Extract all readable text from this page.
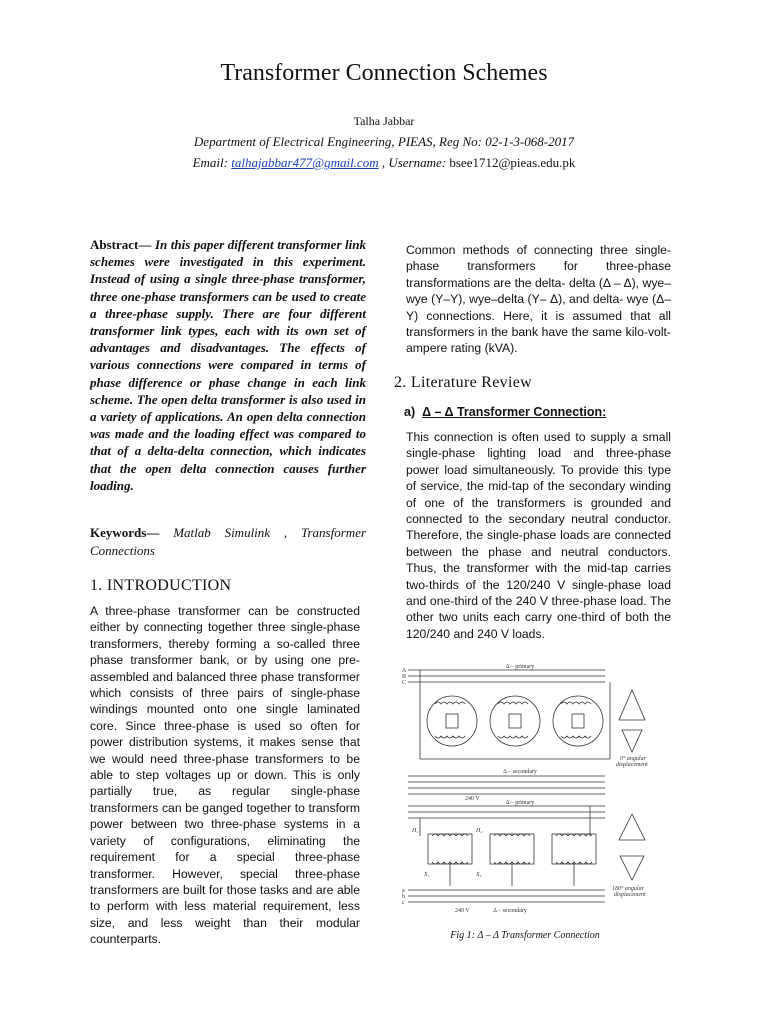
Transformer Connection Schemes
Talha Jabbar
Department of Electrical Engineering, PIEAS, Reg No: 02-1-3-068-2017
Email: talhajabbar477@gmail.com , Username: bsee1712@pieas.edu.pk
Abstract— In this paper different transformer link schemes were investigated in this experiment. Instead of using a single three-phase transformer, three one-phase transformers can be used to create a three-phase supply. There are four different transformer link types, each with its own set of advantages and disadvantages. The effects of various connections were compared in terms of phase difference or phase change in each link scheme. The open delta transformer is also used in a variety of applications. An open delta connection was made and the loading effect was compared to that of a delta-delta connection, which indicates that the open delta connection causes further loading.
Keywords— Matlab Simulink , Transformer Connections
1. INTRODUCTION
A three-phase transformer can be constructed either by connecting together three single-phase transformers, thereby forming a so-called three phase transformer bank, or by using one pre-assembled and balanced three phase transformer which consists of three pairs of single-phase windings mounted onto one single laminated core. Since three-phase is used so often for power distribution systems, it makes sense that we would need three-phase transformers to be able to step voltages up or down. This is only partially true, as regular single-phase transformers can be ganged together to transform power between two three-phase systems in a variety of configurations, eliminating the requirement for a special three-phase transformer. However, special three-phase transformers are built for those tasks and are able to perform with less material requirement, less size, and less weight than their modular counterparts.
Common methods of connecting three single-phase transformers for three-phase transformations are the delta- delta (Δ – Δ), wye– wye (Y–Y), wye–delta (Y– Δ), and delta- wye (Δ–Y) connections. Here, it is assumed that all transformers in the bank have the same kilo-volt-ampere rating (kVA).
2. Literature Review
a) Δ – Δ Transformer Connection:
This connection is often used to supply a small single-phase lighting load and three-phase power load simultaneously. To provide this type of service, the mid-tap of the secondary winding of one of the transformers is grounded and connected to the secondary neutral conductor. Therefore, the single-phase loads are connected between the phase and neutral conductors. Thus, the transformer with the mid-tap carries two-thirds of the 120/240 V single-phase load and one-third of the 240 V three-phase load. The other two units each carry one-third of both the 120/240 and 240 V loads.
Δ – primary
Δ – secondary
Δ – primary
Δ – secondary
240 V
240 V
0° angular
displacement
180° angular
displacement
A
B
C
a
b
c
H₁	H₂
X₁	X₂
Fig 1: Δ – Δ Transformer Connection
